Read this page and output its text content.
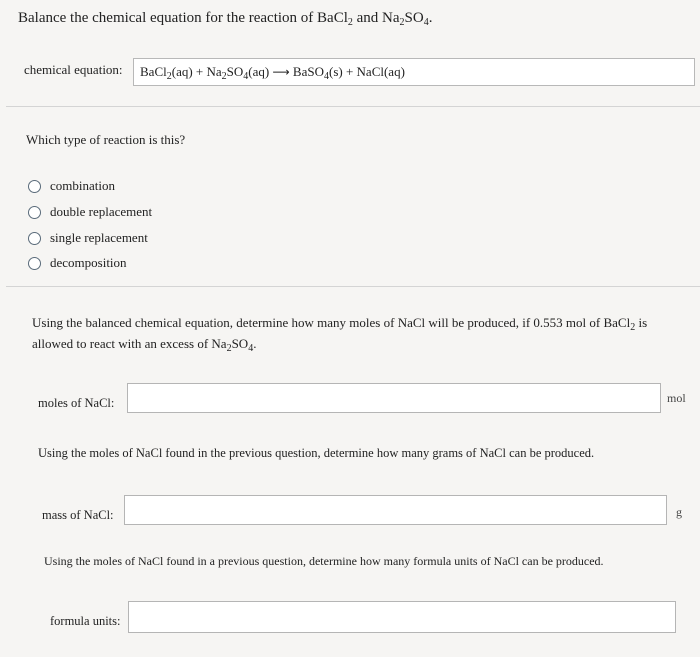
Balance the chemical equation for the reaction of BaCl$_2$ and $Na_2SO_4$.
chemical equation:	BaCl$_2$(aq) + $Na_2SO_4(aq)$ ⟶ BaSO$_4$(s) + NaCl(aq)
Which type of reaction is this?
combination
double replacement
single replacement
decomposition
Using the balanced chemical equation, determine how many moles of NaCl will be produced, if 0.553 mol of BaCl$_2$ is
allowed to react with an excess of $Na_2SO_4$.
moles of NaCl:	mol
Using the moles of NaCl found in the previous question, determine how many grams of NaCl can be produced.
mass of NaCl:	g
Using the moles of NaCl found in a previous question, determine how many formula units of NaCl can be produced.
formula units:
